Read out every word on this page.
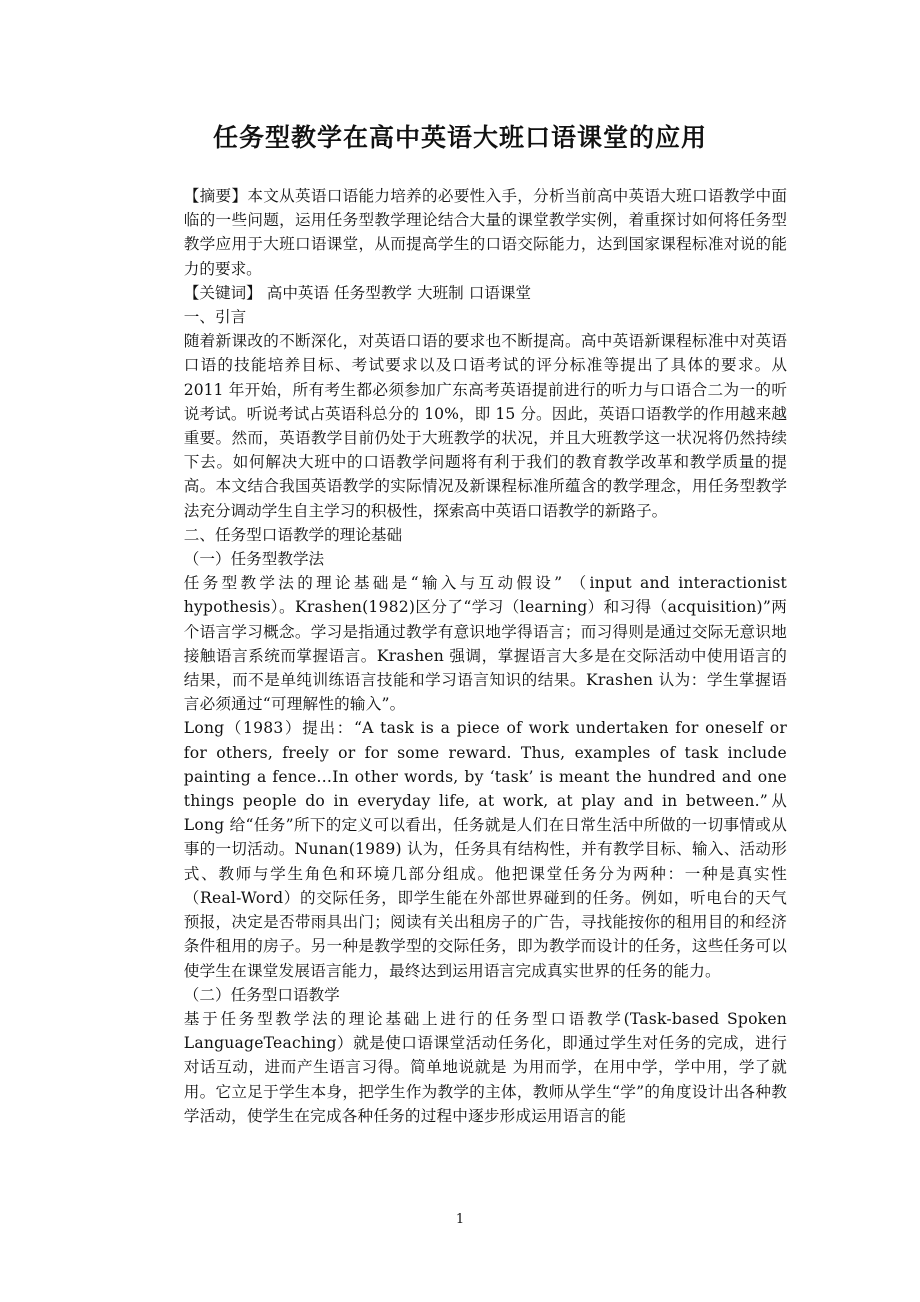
任务型教学在高中英语大班口语课堂的应用

【摘要】本文从英语口语能力培养的必要性入手，分析当前高中英语大班口语教学中面临的一些问题，运用任务型教学理论结合大量的课堂教学实例，着重探讨如何将任务型教学应用于大班口语课堂，从而提高学生的口语交际能力，达到国家课程标准对说的能力的要求。

【关键词】 高中英语 任务型教学 大班制 口语课堂

一、引言

随着新课改的不断深化，对英语口语的要求也不断提高。高中英语新课程标准中对英语口语的技能培养目标、考试要求以及口语考试的评分标准等提出了具体的要求。从 2011 年开始，所有考生都必须参加广东高考英语提前进行的听力与口语合二为一的听说考试。听说考试占英语科总分的 10%，即 15 分。因此，英语口语教学的作用越来越重要。然而，英语教学目前仍处于大班教学的状况，并且大班教学这一状况将仍然持续下去。如何解决大班中的口语教学问题将有利于我们的教育教学改革和教学质量的提高。本文结合我国英语教学的实际情况及新课程标准所蕴含的教学理念，用任务型教学法充分调动学生自主学习的积极性，探索高中英语口语教学的新路子。

二、任务型口语教学的理论基础

（一）任务型教学法

任务型教学法的理论基础是“输入与互动假设” （input and interactionist hypothesis）。Krashen(1982)区分了“学习（learning）和习得（acquisition)”两个语言学习概念。学习是指通过教学有意识地学得语言；而习得则是通过交际无意识地接触语言系统而掌握语言。Krashen 强调，掌握语言大多是在交际活动中使用语言的结果，而不是单纯训练语言技能和学习语言知识的结果。Krashen 认为：学生掌握语言必须通过“可理解性的输入”。

Long（1983）提出：“A task is a piece of work undertaken for oneself or for others, freely or for some reward. Thus, examples of task include painting a fence…In other words, by ‘task’ is meant the hundred and one things people do in everyday life, at work, at play and in between.”从 Long 给“任务”所下的定义可以看出，任务就是人们在日常生活中所做的一切事情或从事的一切活动。Nunan(1989) 认为，任务具有结构性，并有教学目标、输入、活动形式、教师与学生角色和环境几部分组成。他把课堂任务分为两种：一种是真实性（Real-Word）的交际任务，即学生能在外部世界碰到的任务。例如，听电台的天气预报，决定是否带雨具出门；阅读有关出租房子的广告，寻找能按你的租用目的和经济条件租用的房子。另一种是教学型的交际任务，即为教学而设计的任务，这些任务可以使学生在课堂发展语言能力，最终达到运用语言完成真实世界的任务的能力。

（二）任务型口语教学

基于任务型教学法的理论基础上进行的任务型口语教学(Task-based Spoken LanguageTeaching）就是使口语课堂活动任务化，即通过学生对任务的完成，进行对话互动，进而产生语言习得。简单地说就是 为用而学，在用中学，学中用，学了就用。它立足于学生本身，把学生作为教学的主体，教师从学生“学”的角度设计出各种教学活动，使学生在完成各种任务的过程中逐步形成运用语言的能

1
